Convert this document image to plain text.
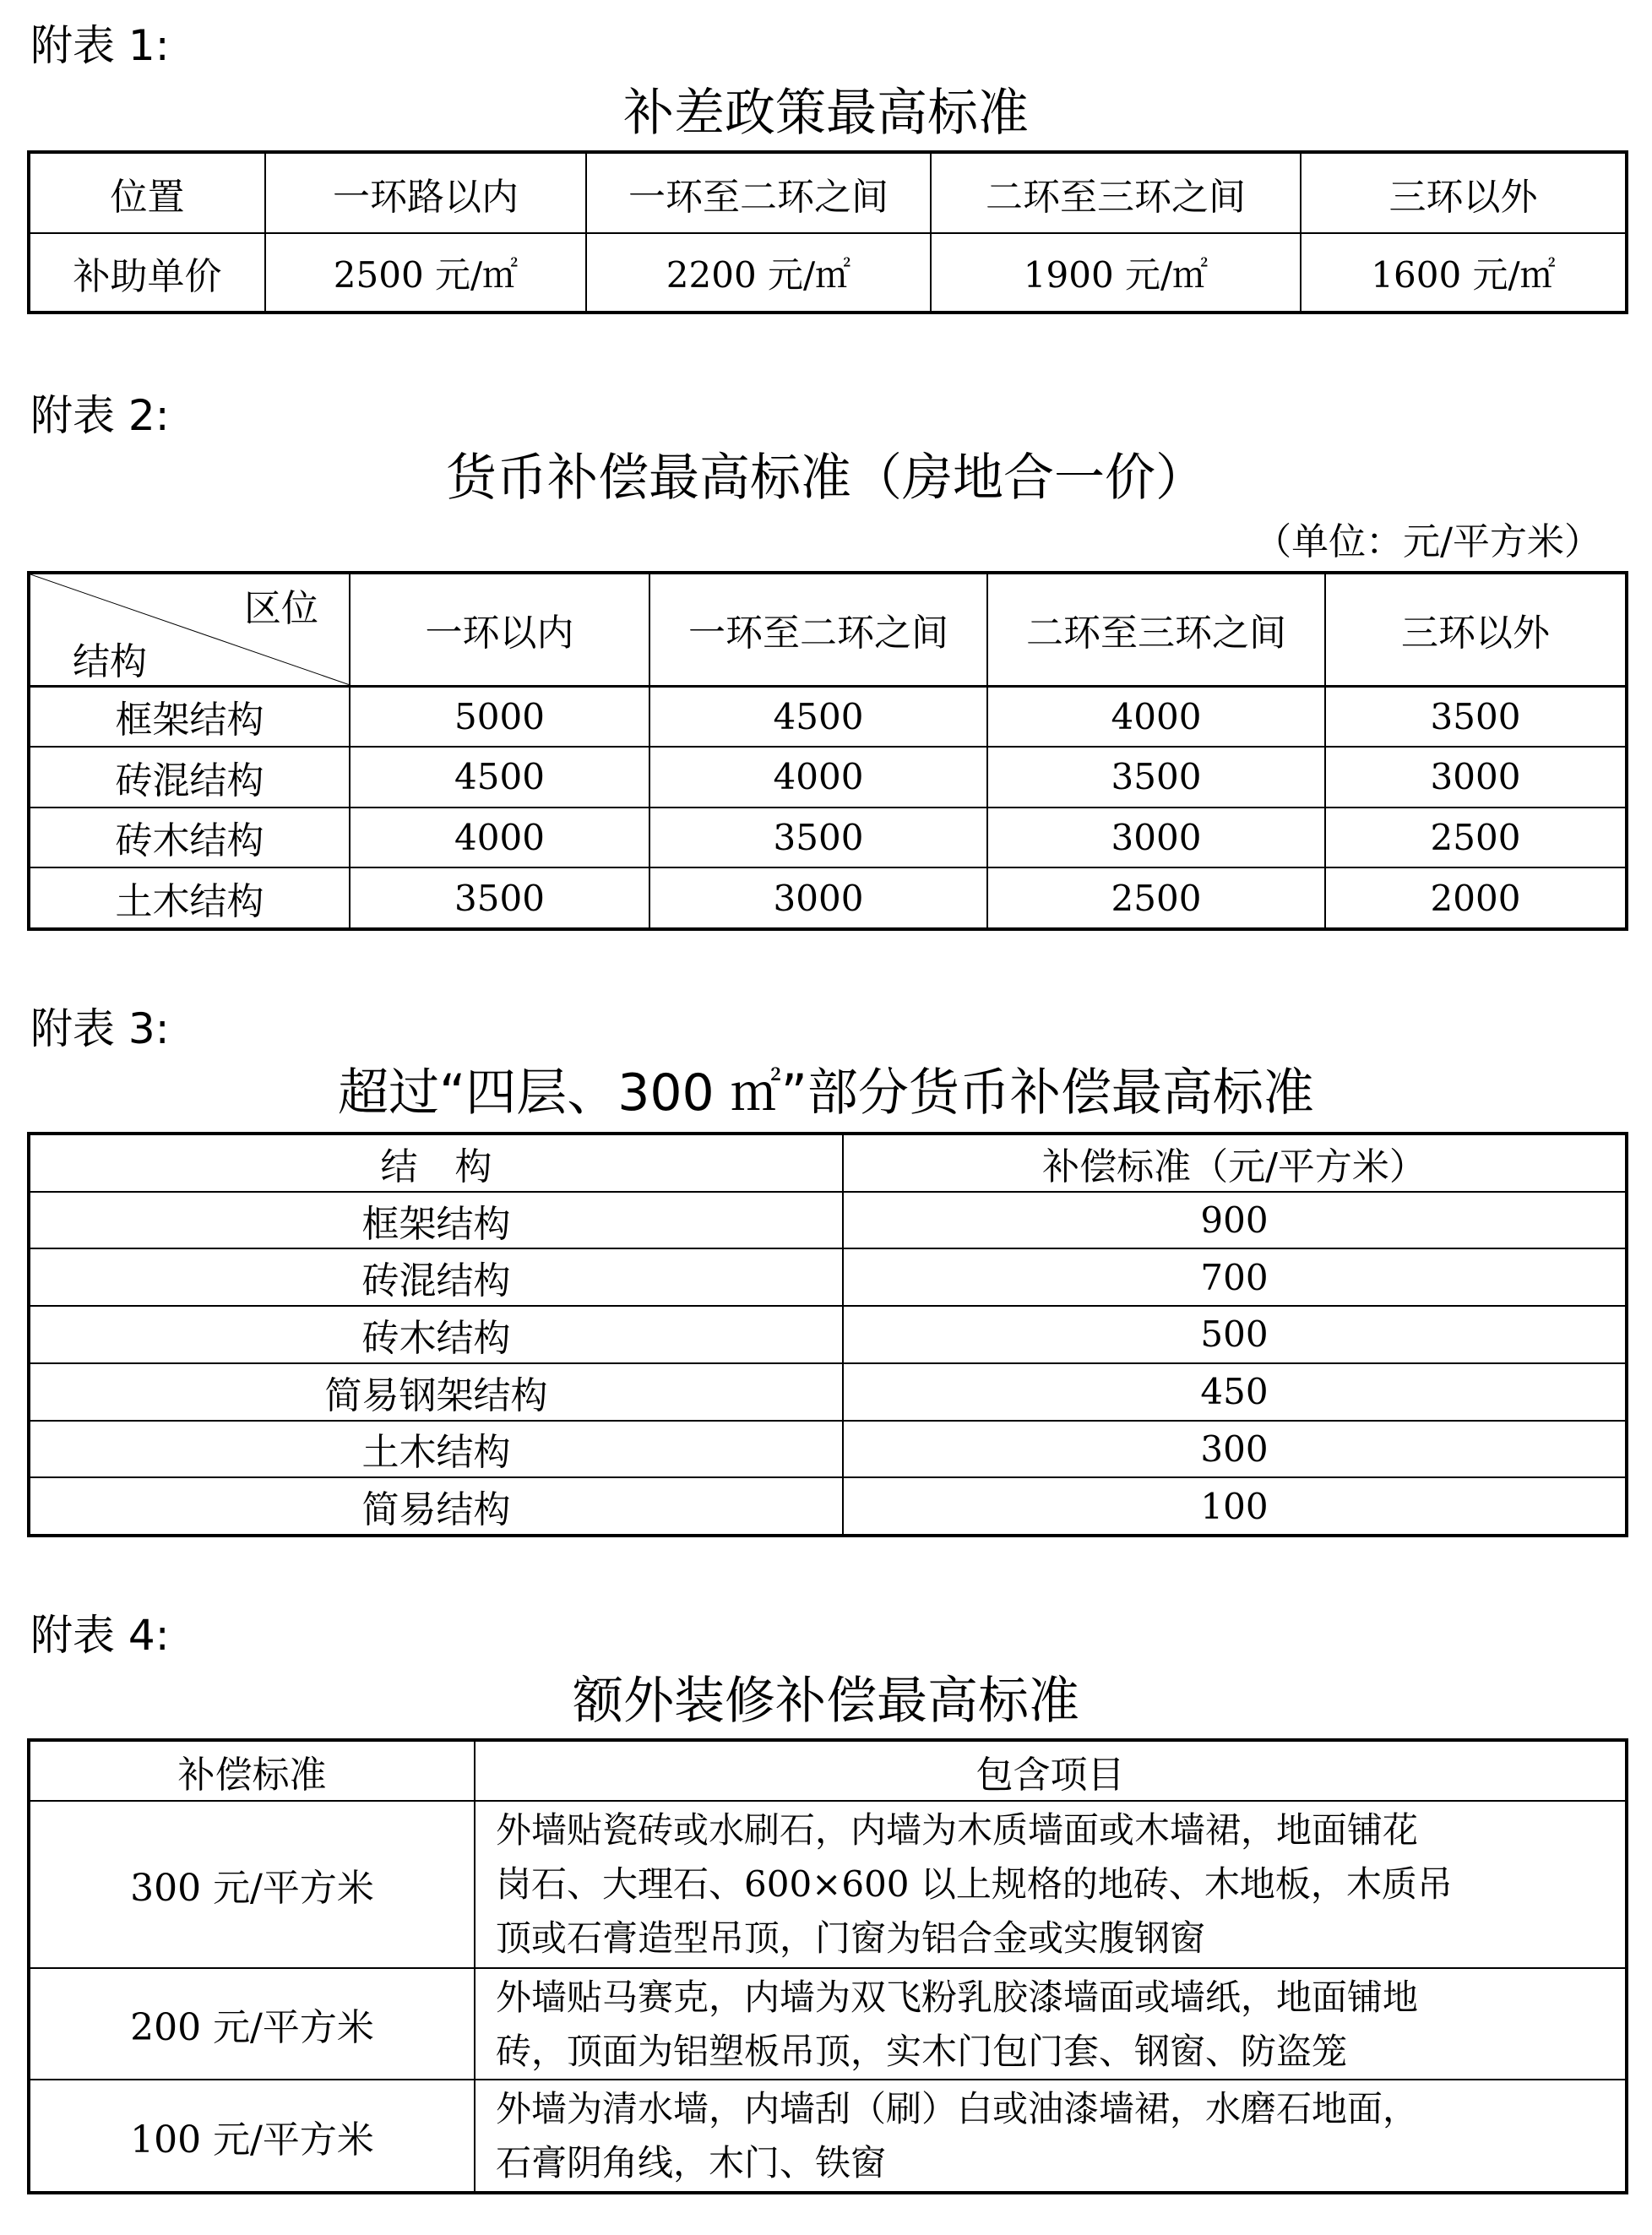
附表 1:
补差政策最高标准
位置	一环路以内	一环至二环之间	二环至三环之间	三环以外
补助单价	2500 元/㎡	2200 元/㎡	1900 元/㎡	1600 元/㎡
附表 2:
货币补偿最高标准（房地合一价）
（单位：元/平方米）
区位
结构	一环以内	一环至二环之间	二环至三环之间	三环以外
框架结构	5000	4500	4000	3500
砖混结构	4500	4000	3500	3000
砖木结构	4000	3500	3000	2500
土木结构	3500	3000	2500	2000
附表 3:
超过“四层、300 ㎡”部分货币补偿最高标准
结　构	补偿标准（元/平方米）
框架结构	900
砖混结构	700
砖木结构	500
简易钢架结构	450
土木结构	300
简易结构	100
附表 4:
额外装修补偿最高标准
补偿标准	包含项目
300 元/平方米	外墙贴瓷砖或水刷石，内墙为木质墙面或木墙裙，地面铺花
岗石、大理石、600×600 以上规格的地砖、木地板，木质吊
顶或石膏造型吊顶，门窗为铝合金或实腹钢窗

200 元/平方米	外墙贴马赛克，内墙为双飞粉乳胶漆墙面或墙纸，地面铺地
砖，顶面为铝塑板吊顶，实木门包门套、钢窗、防盗笼

100 元/平方米	外墙为清水墙，内墙刮（刷）白或油漆墙裙，水磨石地面，
石膏阴角线，木门、铁窗
